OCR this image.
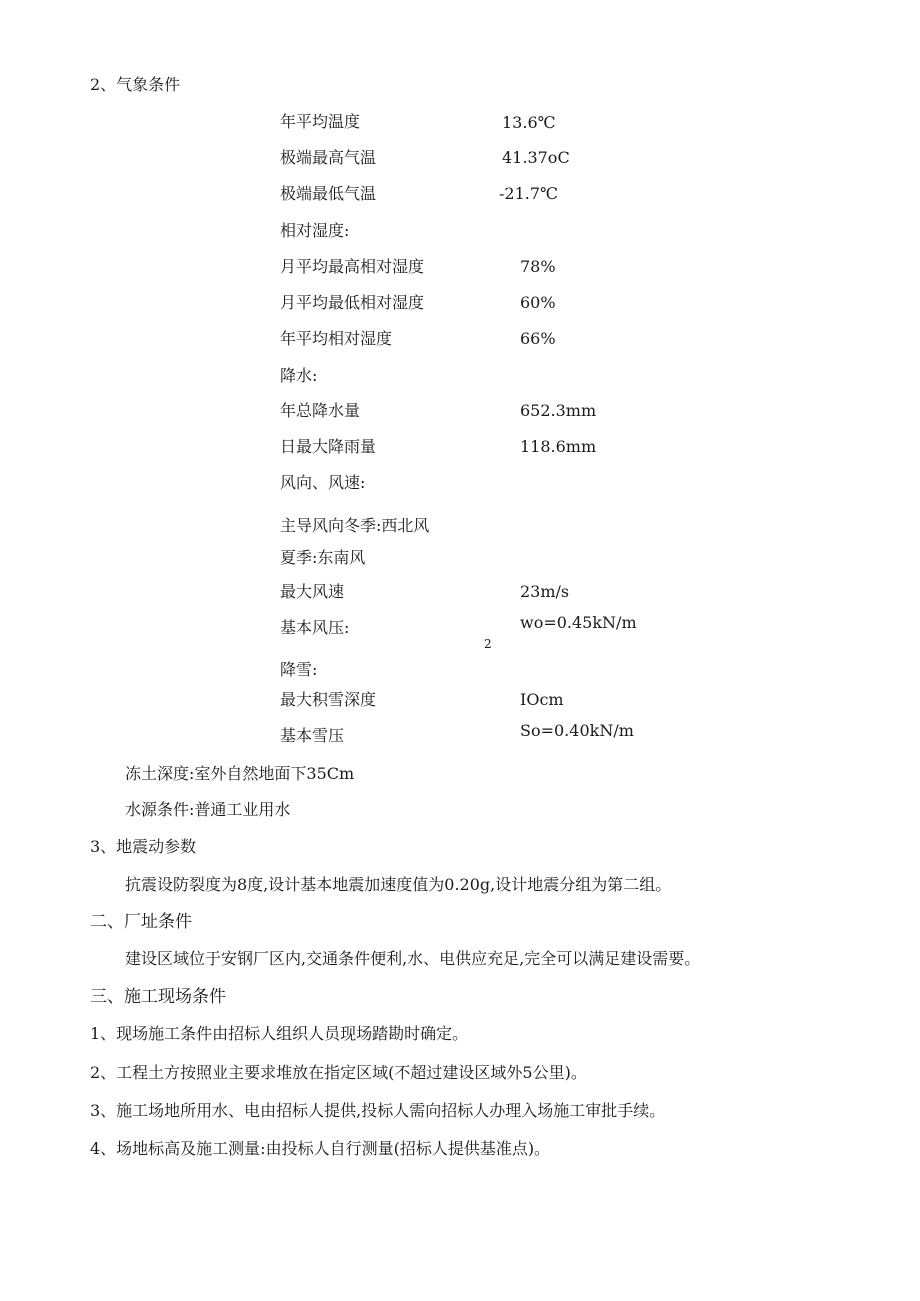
2、气象条件
年平均温度	13.6℃
极端最高气温	41.37oC
极端最低气温	-21.7℃
相对湿度:
月平均最高相对湿度	78%
月平均最低相对湿度	60%
年平均相对湿度	66%
降水:
年总降水量	652.3mm
日最大降雨量	118.6mm
风向、风速:
主导风向冬季:西北风
夏季:东南风
最大风速	23m/s
基本风压:	wo=0.45kN/m
2
降雪:
最大积雪深度	IOcm
基本雪压	So=0.40kN/m
冻土深度:室外自然地面下35Cm
水源条件:普通工业用水
3、地震动参数
抗震设防裂度为8度,设计基本地震加速度值为0.20g,设计地震分组为第二组。
二、厂址条件
建设区域位于安钢厂区内,交通条件便利,水、电供应充足,完全可以满足建设需要。
三、施工现场条件
1、现场施工条件由招标人组织人员现场踏勘时确定。
2、工程土方按照业主要求堆放在指定区域(不超过建设区域外5公里)。
3、施工场地所用水、电由招标人提供,投标人需向招标人办理入场施工审批手续。
4、场地标高及施工测量:由投标人自行测量(招标人提供基准点)。
